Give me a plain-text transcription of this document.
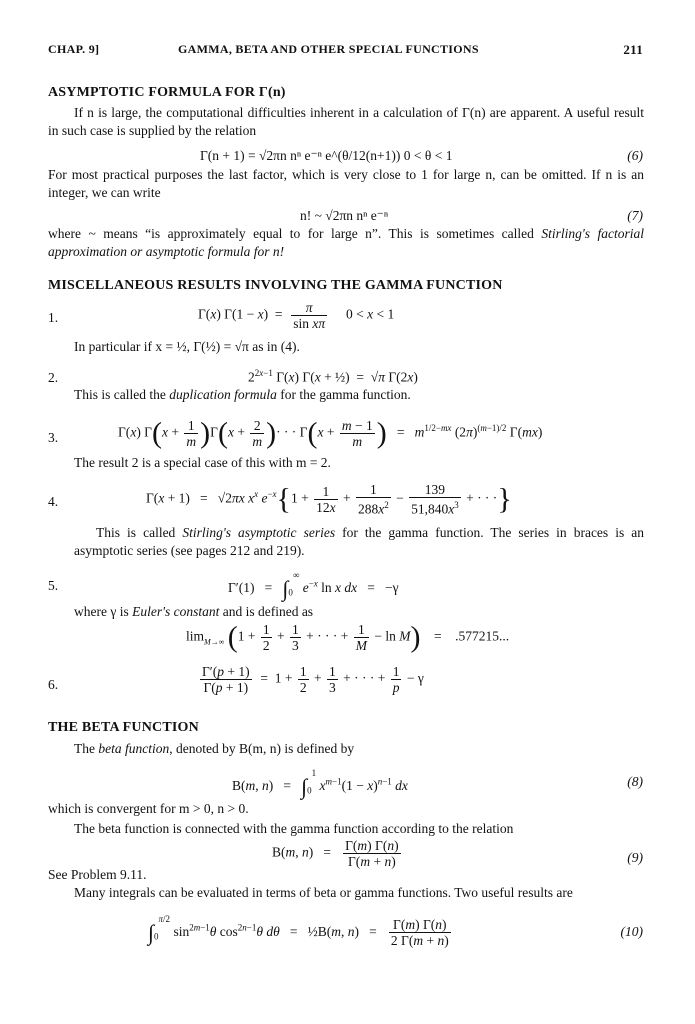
CHAP. 9]	GAMMA, BETA AND OTHER SPECIAL FUNCTIONS	211
ASYMPTOTIC FORMULA FOR Γ(n)
If n is large, the computational difficulties inherent in a calculation of Γ(n) are apparent. A useful result in such case is supplied by the relation
Γ(n + 1) = √2πn nⁿ e⁻ⁿ e^(θ/12(n+1)) 0 < θ < 1	(6)
For most practical purposes the last factor, which is very close to 1 for large n, can be omitted. If n is an integer, we can write
n! ~ √2πn nⁿ e⁻ⁿ	(7)
where ~ means “is approximately equal to for large n”. This is sometimes called Stirling's factorial approximation or asymptotic formula for n!
MISCELLANEOUS RESULTS INVOLVING THE GAMMA FUNCTION
1.	Γ(x) $\Gamma(1 - x) = \frac{\pi}{\text{sin xπ}} 0 < x < 1$
In particular if x = ½, Γ(½) = √π as in (4).
2.	$2^{2x-1}$ Γ(x) Γ(x + ½)  =  √π Γ(2x)
This is called the duplication formula for the gamma function.
3.	Γ(x) $\Gamma(x + \frac{1}{m} )\Gamma(x + \frac{2}{m}$ )· · · $\Gamma(x + \frac{m - 1}{m}$ )   =   $m^{1/2-mx}$ $(2\pi)^{(m-1)/2}$ Γ(mx)
The result 2 is a special case of this with m = 2.
4.	Γ(x + 1)   =   √2πx $x^x$ $e^{-x}\{1 + \frac{1}{12x} + \frac{1}{288x^2} - \frac{139}{51,840x^3}$ + · · ·}
This is called Stirling's asymptotic series for the gamma function. The series in braces is an asymptotic series (see pages 212 and 219).
5.	$\Gamma'(1) = \int_0^\infty$ $e^{-x}$ ln x dx   =   −γ
where γ is Euler's constant and is defined as
$\lim_{M\to\infty} (1 + \frac{1}{2} + \frac{1}{3}$ + · · · + $\frac{1}{M} - \ln M$)    =    .577215...
6.	$\frac{\Gamma'(p + 1)}{\Gamma(p + 1)} = 1 + \frac{1}{2} + \frac{1}{3}$ + · · · + $\frac{1}{p} - \gamma$
THE BETA FUNCTION
The beta function, denoted by B(m, n) is defined by
B(m, $n) = \int_0^1$ $x^{m-1}(1 - x)^{n-1}$ dx	(8)
which is convergent for m > 0, n > 0.
The beta function is connected with the gamma function according to the relation
B(m, $n) = \frac{\Gamma(m) \Gamma(n)}{\Gamma(m + n)}$	(9)
See Problem 9.11.
Many integrals can be evaluated in terms of beta or gamma functions. Two useful results are
$\int_0^{\pi/2}$ $\sin^{2m-1}\theta$ $\cos^{2n-1}\theta$ dθ   =   ½B(m, $n) = \frac{\Gamma(m) \Gamma(n)}{2 \Gamma(m + n)}$	(10)
